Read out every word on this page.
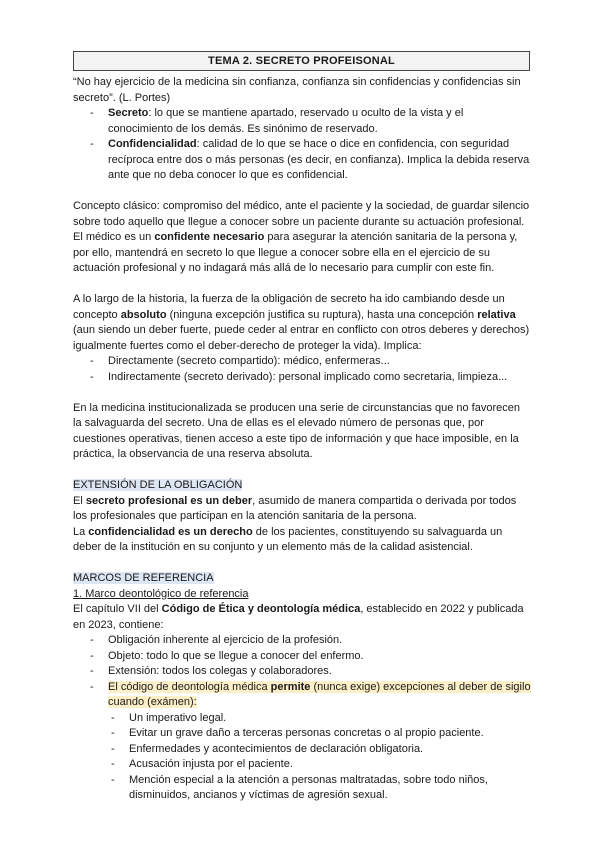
TEMA 2. SECRETO PROFEISONAL

“No hay ejercicio de la medicina sin confianza, confianza sin confidencias y confidencias sin secreto”. (L. Portes)

- Secreto: lo que se mantiene apartado, reservado u oculto de la vista y el conocimiento de los demás. Es sinónimo de reservado.
- Confidencialidad: calidad de lo que se hace o dice en confidencia, con seguridad recíproca entre dos o más personas (es decir, en confianza). Implica la debida reserva ante que no deba conocer lo que es confidencial.

Concepto clásico: compromiso del médico, ante el paciente y la sociedad, de guardar silencio sobre todo aquello que llegue a conocer sobre un paciente durante su actuación profesional. El médico es un confidente necesario para asegurar la atención sanitaria de la persona y, por ello, mantendrá en secreto lo que llegue a conocer sobre ella en el ejercicio de su actuación profesional y no indagará más allá de lo necesario para cumplir con este fin.

A lo largo de la historia, la fuerza de la obligación de secreto ha ido cambiando desde un concepto absoluto (ninguna excepción justifica su ruptura), hasta una concepción relativa (aun siendo un deber fuerte, puede ceder al entrar en conflicto con otros deberes y derechos) igualmente fuertes como el deber-derecho de proteger la vida). Implica:

- Directamente (secreto compartido): médico, enfermeras...
- Indirectamente (secreto derivado): personal implicado como secretaria, limpieza...

En la medicina institucionalizada se producen una serie de circunstancias que no favorecen la salvaguarda del secreto. Una de ellas es el elevado número de personas que, por cuestiones operativas, tienen acceso a este tipo de información y que hace imposible, en la práctica, la observancia de una reserva absoluta.

EXTENSIÓN DE LA OBLIGACIÓN

El secreto profesional es un deber, asumido de manera compartida o derivada por todos los profesionales que participan en la atención sanitaria de la persona.

La confidencialidad es un derecho de los pacientes, constituyendo su salvaguarda un deber de la institución en su conjunto y un elemento más de la calidad asistencial.

MARCOS DE REFERENCIA

1. Marco deontológico de referencia

El capítulo VII del Código de Ética y deontología médica, establecido en 2022 y publicada en 2023, contiene:

- Obligación inherente al ejercicio de la profesión.
- Objeto: todo lo que se llegue a conocer del enfermo.
- Extensión: todos los colegas y colaboradores.
- El código de deontología médica permite (nunca exige) excepciones al deber de sigilo cuando (exámen):
- Un imperativo legal.
- Evitar un grave daño a terceras personas concretas o al propio paciente.
- Enfermedades y acontecimientos de declaración obligatoria.
- Acusación injusta por el paciente.
- Mención especial a la atención a personas maltratadas, sobre todo niños, disminuidos, ancianos y víctimas de agresión sexual.
